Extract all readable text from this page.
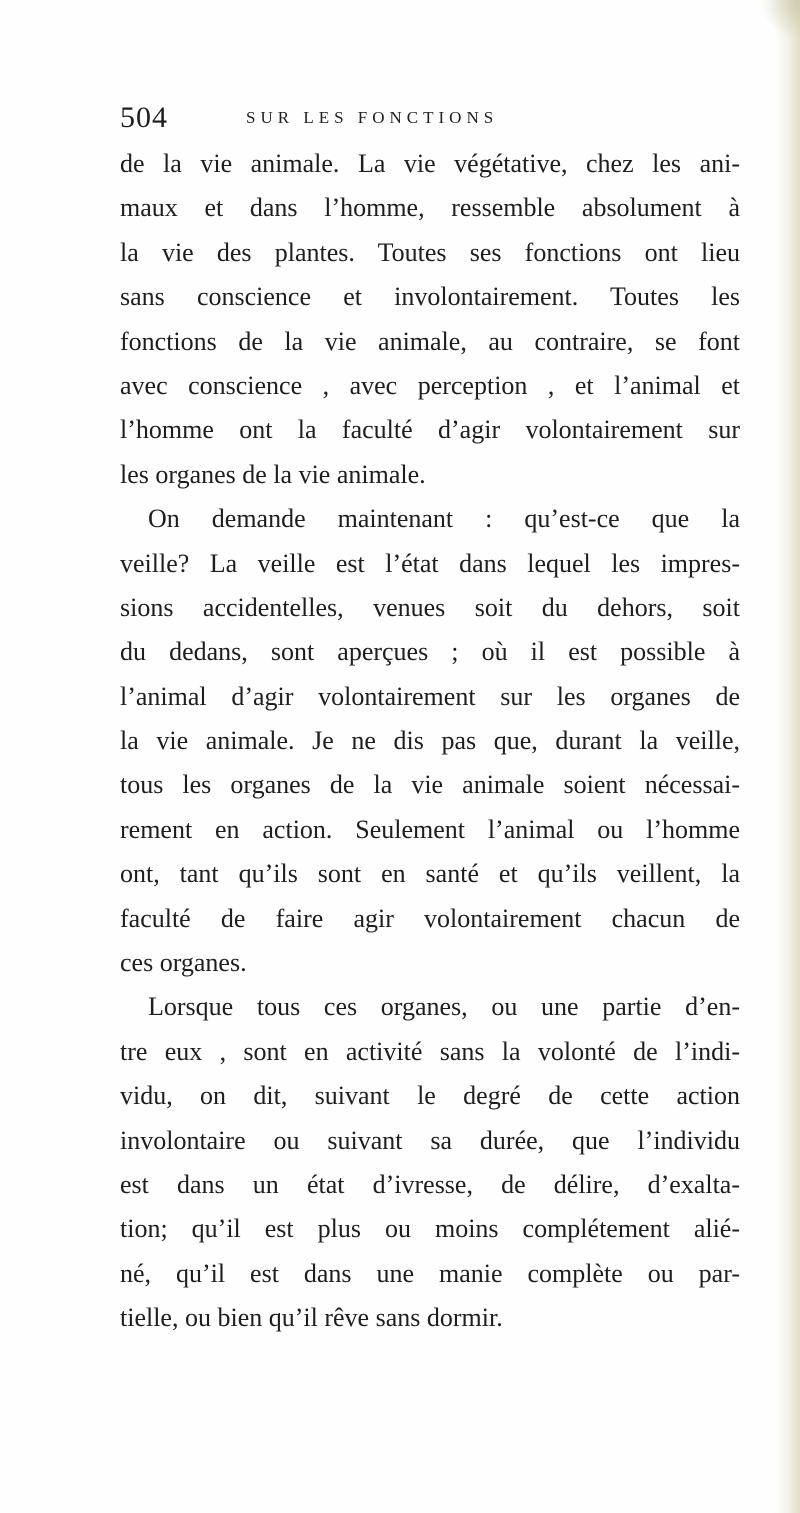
504	SUR LES FONCTIONS
de la vie animale. La vie végétative, chez les ani-
maux et dans l’homme, ressemble absolument à
la vie des plantes. Toutes ses fonctions ont lieu
sans conscience et involontairement. Toutes les
fonctions de la vie animale, au contraire, se font
avec conscience , avec perception , et l’animal et
l’homme ont la faculté d’agir volontairement sur
les organes de la vie animale.
On demande maintenant : qu’est-ce que la
veille? La veille est l’état dans lequel les impres-
sions accidentelles, venues soit du dehors, soit
du dedans, sont aperçues ; où il est possible à
l’animal d’agir volontairement sur les organes de
la vie animale. Je ne dis pas que, durant la veille,
tous les organes de la vie animale soient nécessai-
rement en action. Seulement l’animal ou l’homme
ont, tant qu’ils sont en santé et qu’ils veillent, la
faculté de faire agir volontairement chacun de
ces organes.
Lorsque tous ces organes, ou une partie d’en-
tre eux , sont en activité sans la volonté de l’indi-
vidu, on dit, suivant le degré de cette action
involontaire ou suivant sa durée, que l’individu
est dans un état d’ivresse, de délire, d’exalta-
tion; qu’il est plus ou moins complétement alié-
né, qu’il est dans une manie complète ou par-
tielle, ou bien qu’il rêve sans dormir.
